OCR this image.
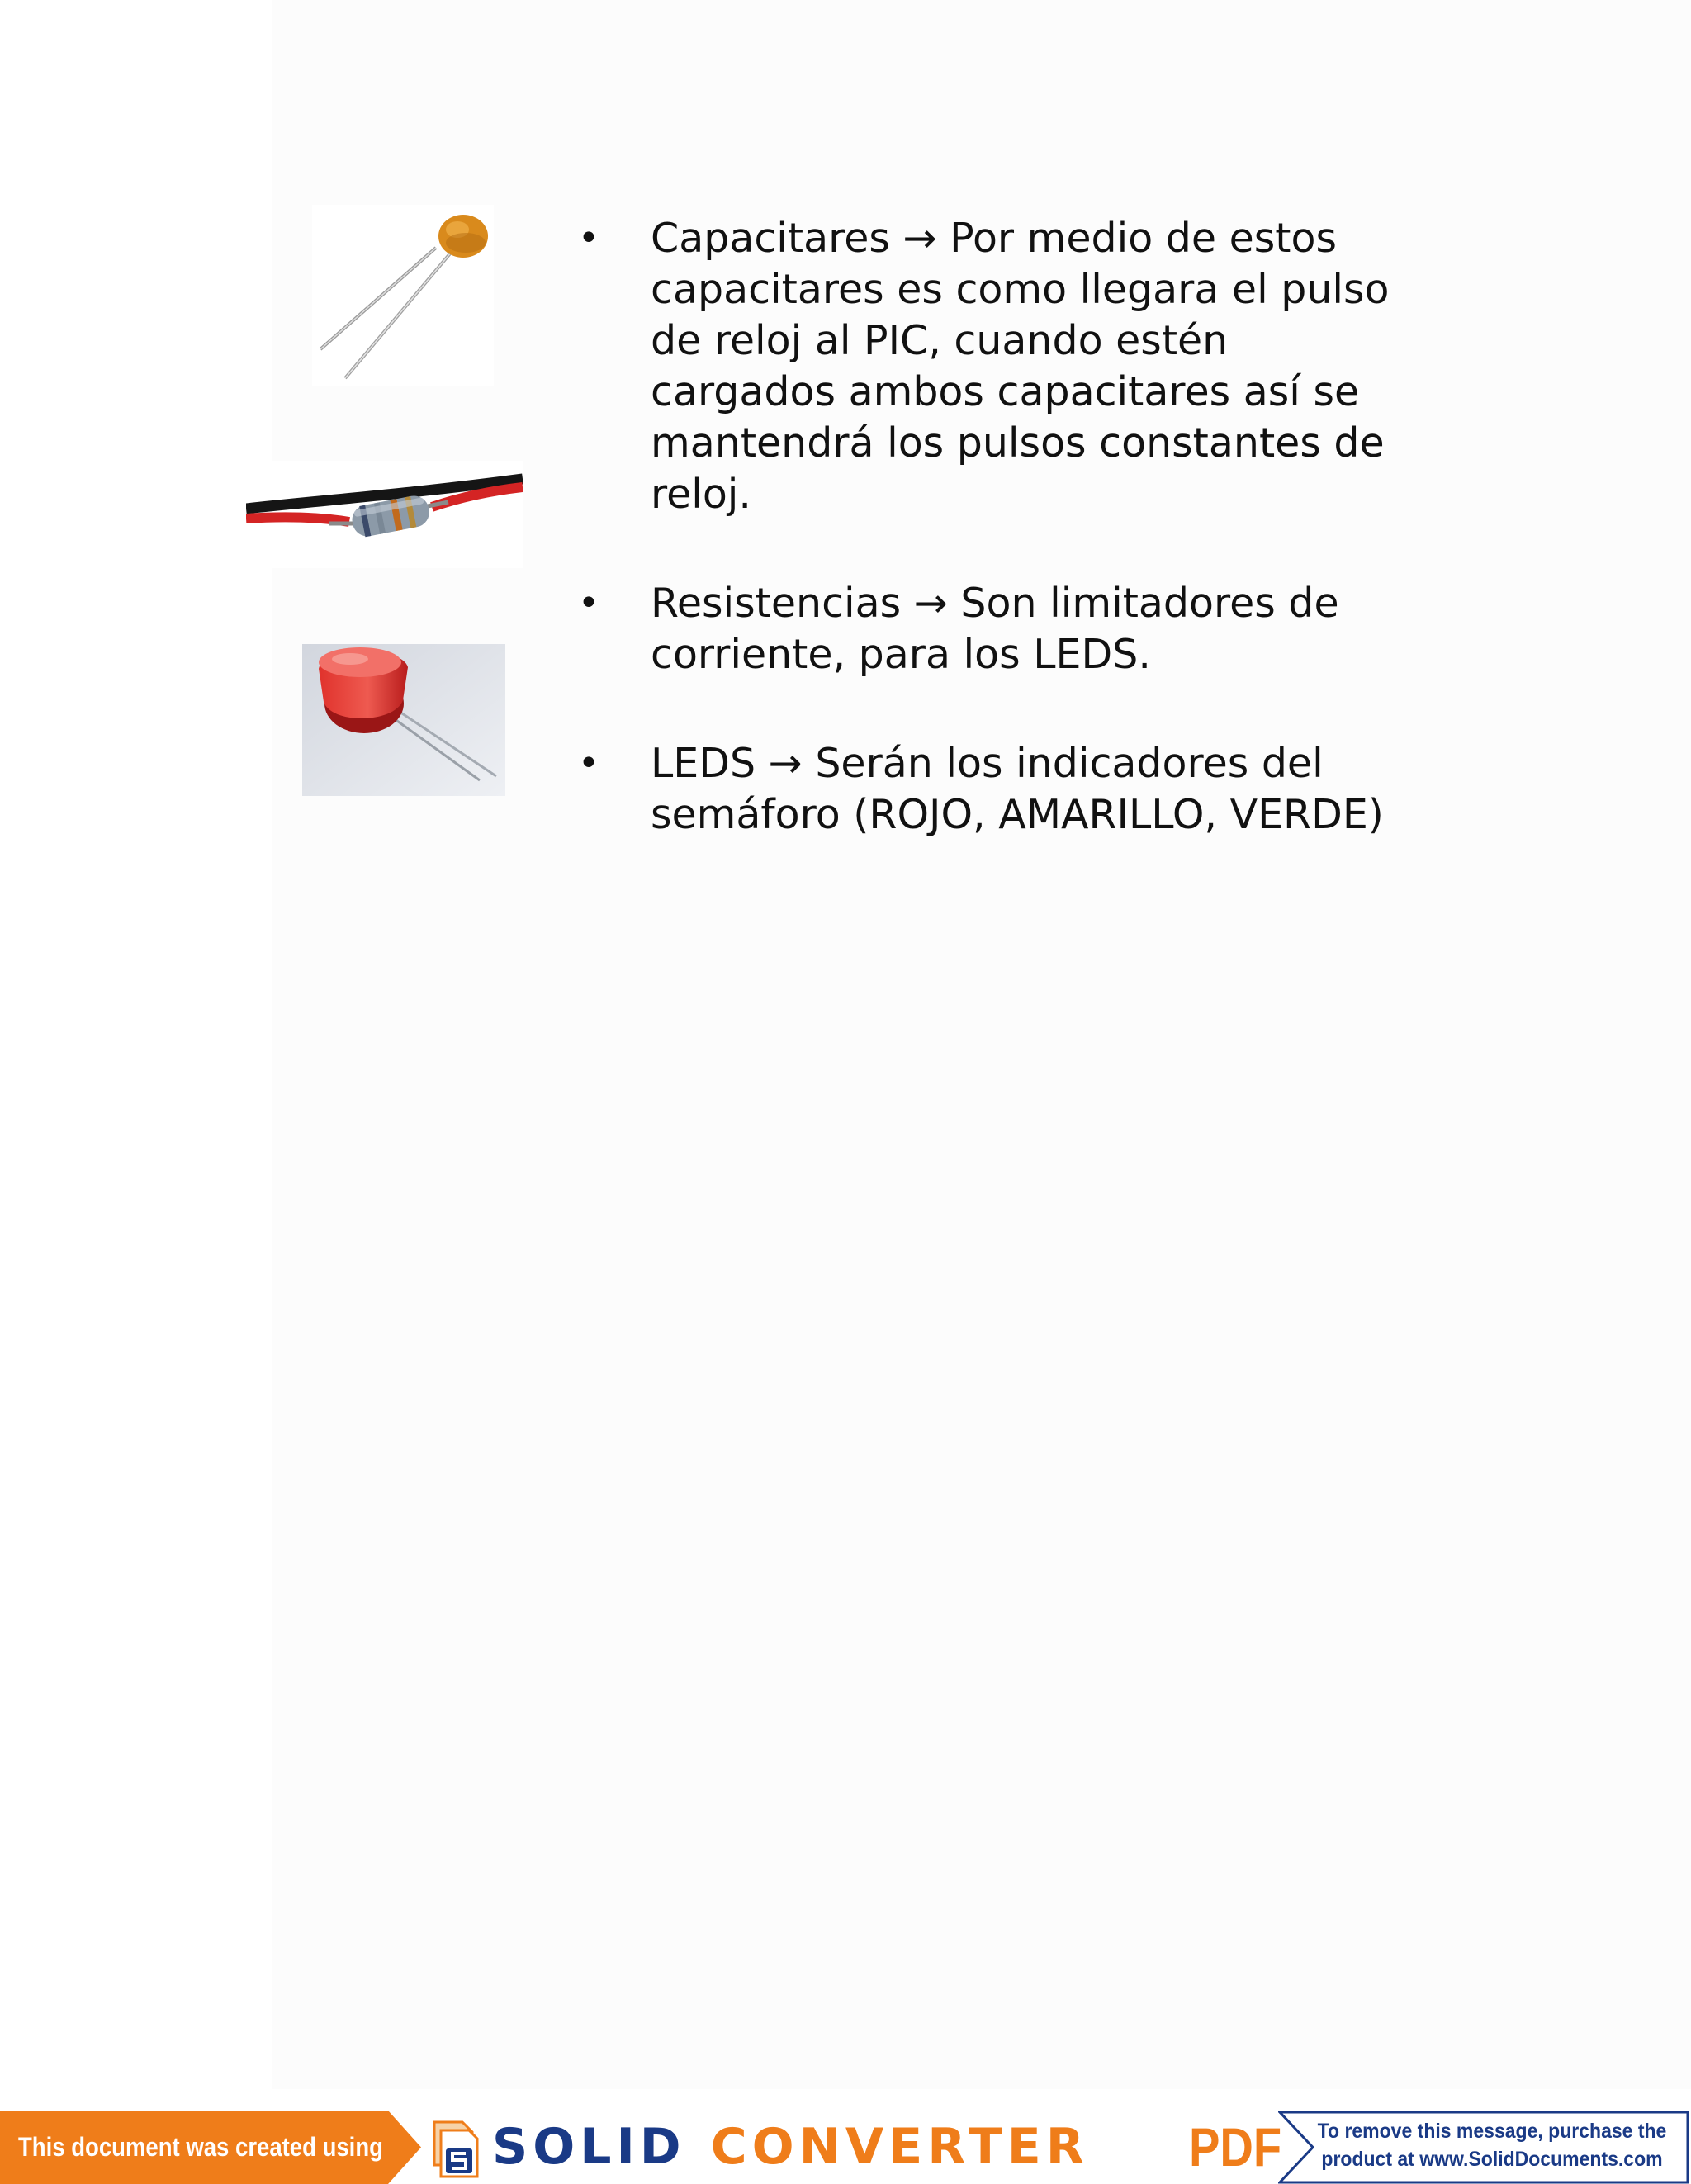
• Capacitares → Por medio de estos capacitares es como llegara el pulso de reloj al PIC, cuando estén cargados ambos capacitares así se mantendrá los pulsos constantes de reloj.
• Resistencias → Son limitadores de corriente, para los LEDS.
• LEDS → Serán los indicadores del semáforo (ROJO, AMARILLO, VERDE)
This document was created using SOLID CONVERTER PDF To remove this message, purchase the
product at www.SolidDocuments.com
